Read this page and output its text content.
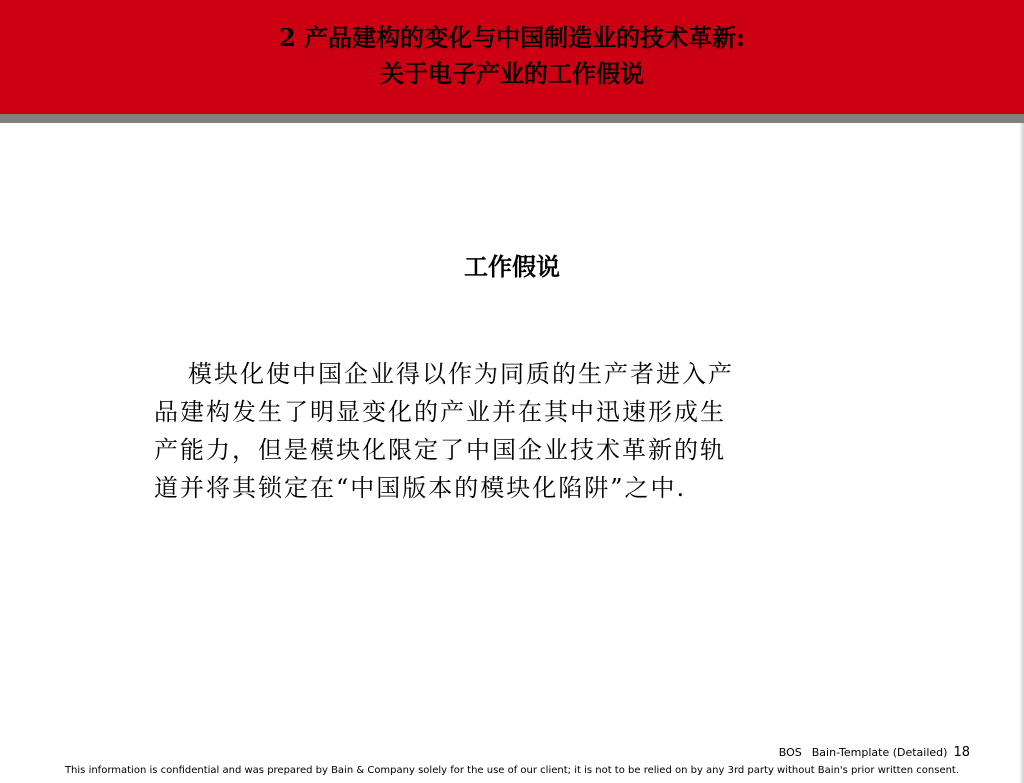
2 产品建构的变化与中国制造业的技术革新:
关于电子产业的工作假说
工作假说

模块化使中国企业得以作为同质的生产者进入产
品建构发生了明显变化的产业并在其中迅速形成生
产能力，但是模块化限定了中国企业技术革新的轨
道并将其锁定在“中国版本的模块化陷阱”之中.

BOS Bain-Template (Detailed) 18
This information is confidential and was prepared by Bain & Company solely for the use of our client; it is not to be relied on by any 3rd party without Bain's prior written consent.
